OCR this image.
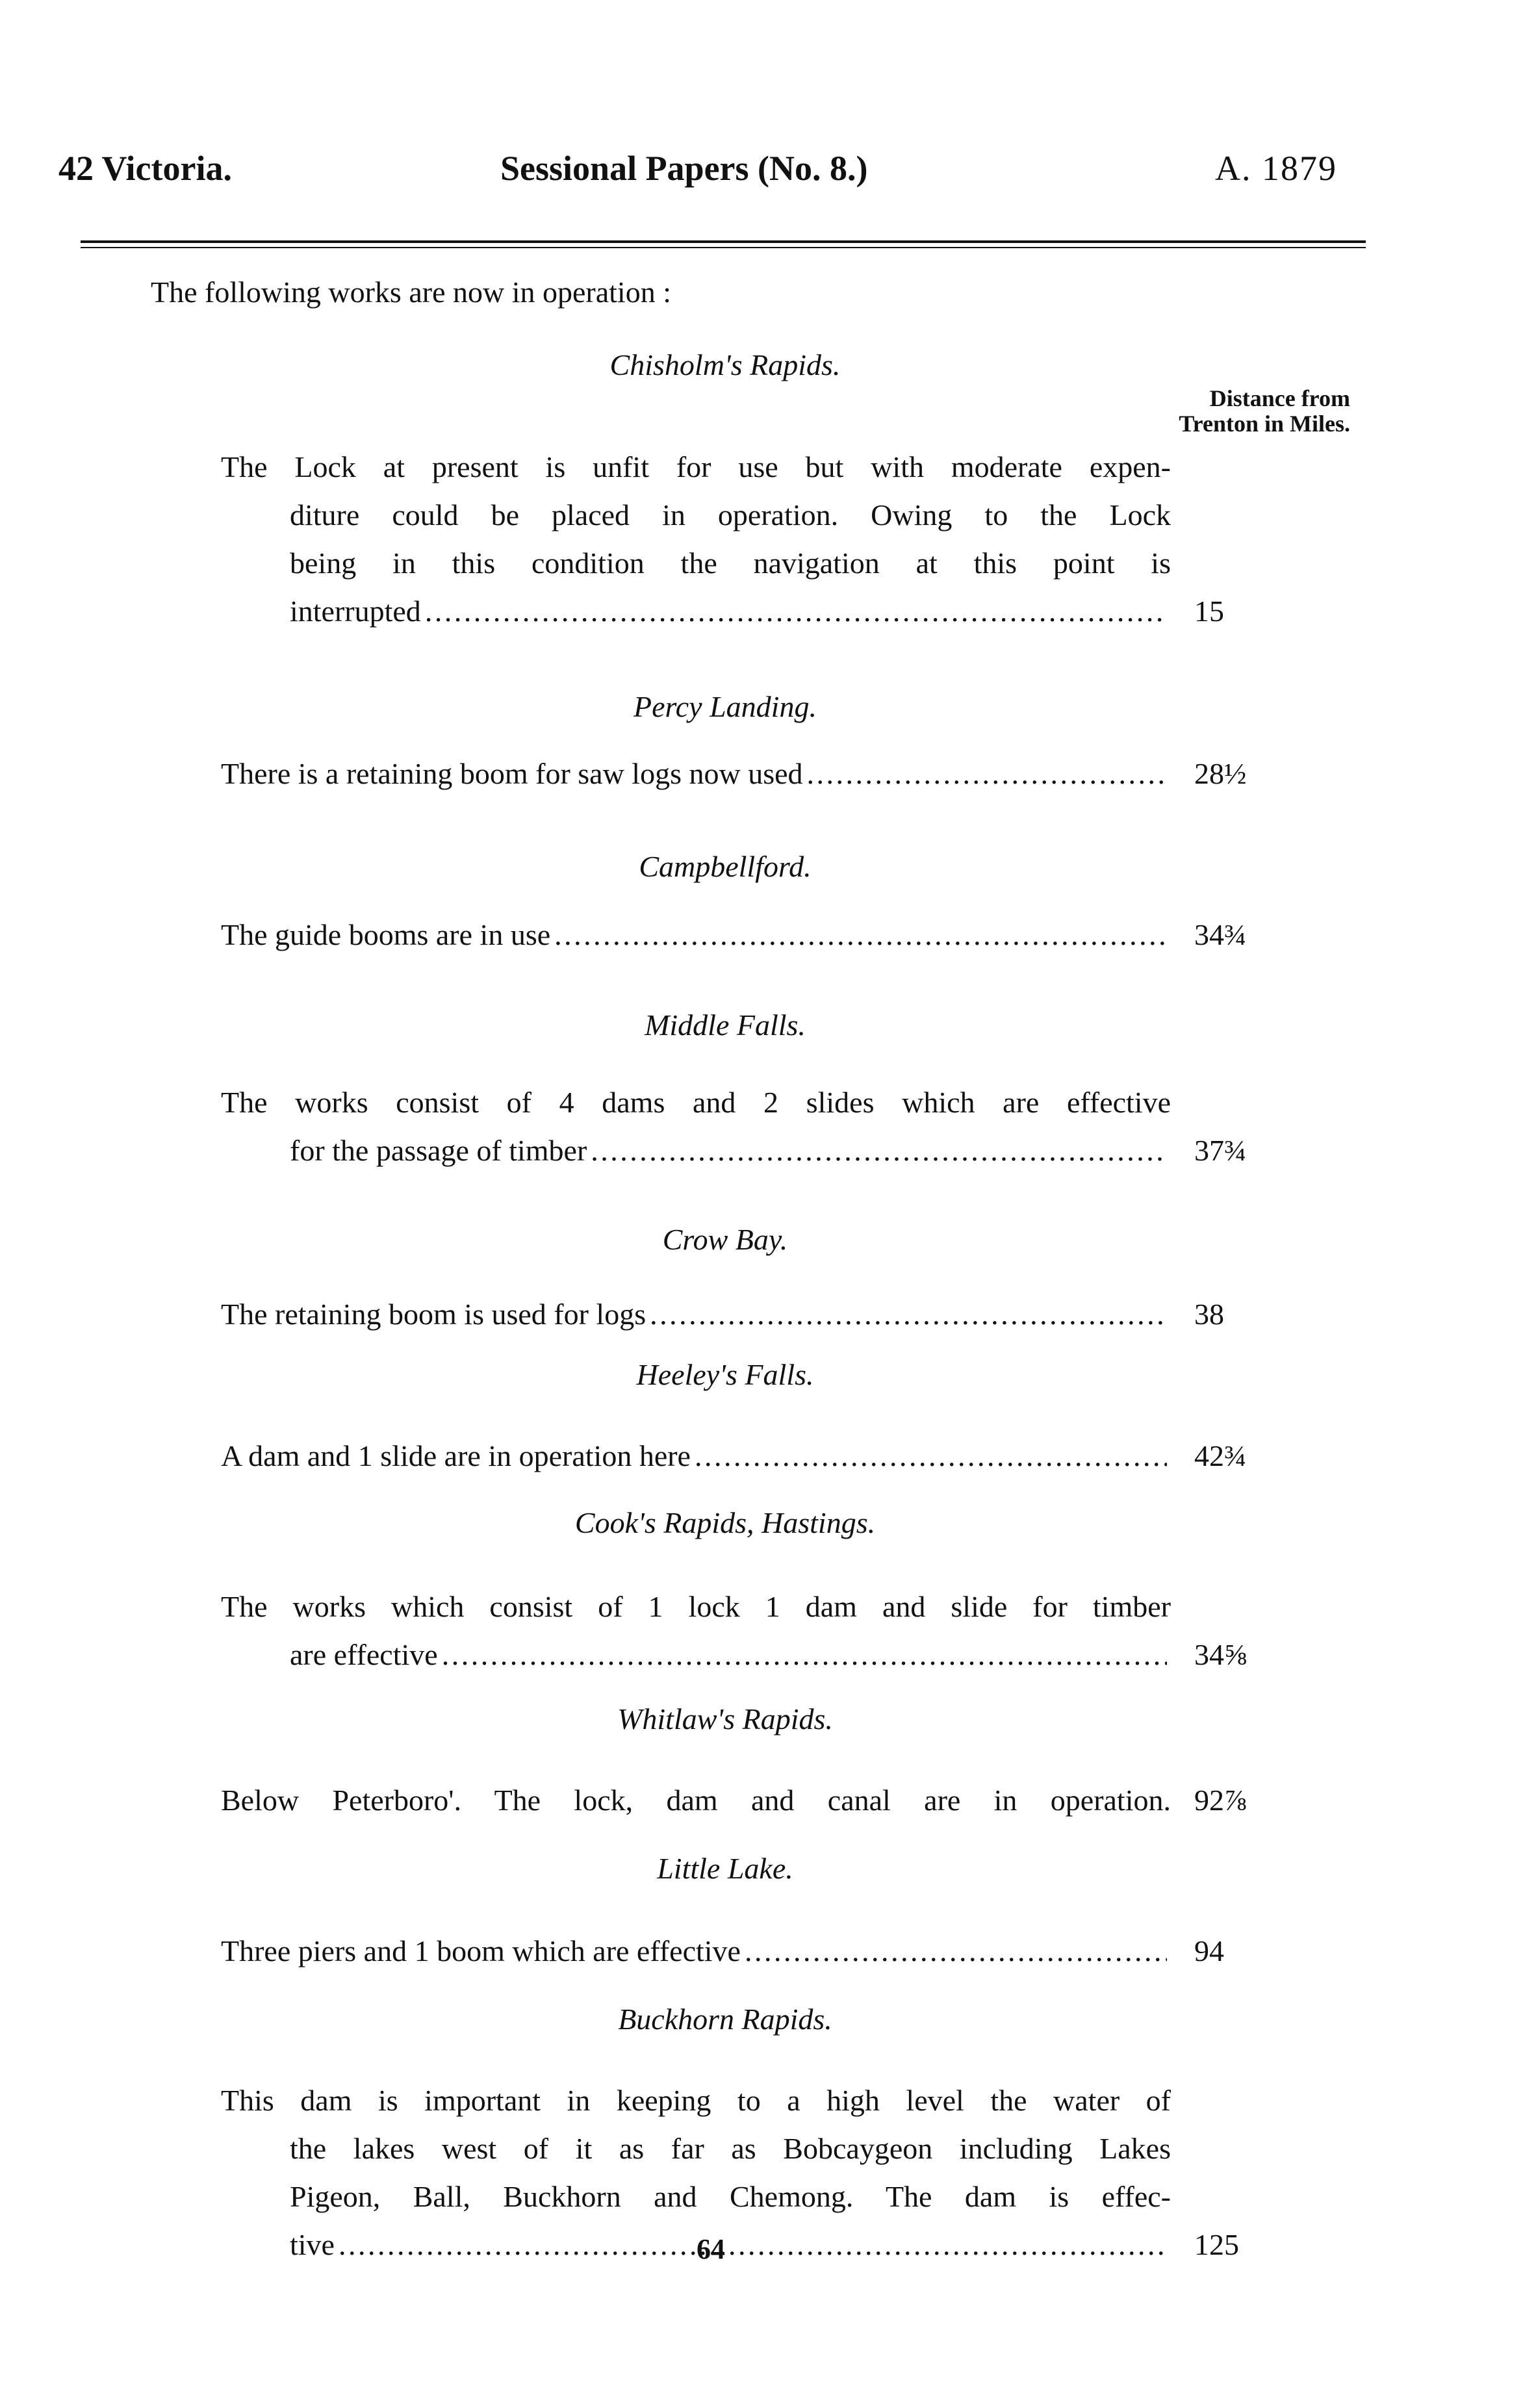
42 Victoria.	Sessional Papers (No. 8.)	A. 1879
The following works are now in operation :
Distance from
Trenton in Miles.
Chisholm's Rapids.
The Lock at present is unfit for use but with moderate expen-
diture could be placed in operation. Owing to the Lock
being in this condition the navigation at this point is
interrupted . . .	15
Percy Landing.
There is a retaining boom for saw logs now used . . .	28½
Campbellford.
The guide booms are in use . . .	34¾
Middle Falls.
The works consist of 4 dams and 2 slides which are effective
for the passage of timber . . .	37¾
Crow Bay.
The retaining boom is used for logs . . .	38
Heeley's Falls.
A dam and 1 slide are in operation here . . .	42¾
Cook's Rapids, Hastings.
The works which consist of 1 lock 1 dam and slide for timber
are effective . . .	34⅝
Whitlaw's Rapids.
Below Peterboro'. The lock, dam and canal are in operation. 92⅞
Little Lake.
Three piers and 1 boom which are effective . . .	94
Buckhorn Rapids.
This dam is important in keeping to a high level the water of
the lakes west of it as far as Bobcaygeon including Lakes
Pigeon, Ball, Buckhorn and Chemong. The dam is effec-
tive . . .	125
64
